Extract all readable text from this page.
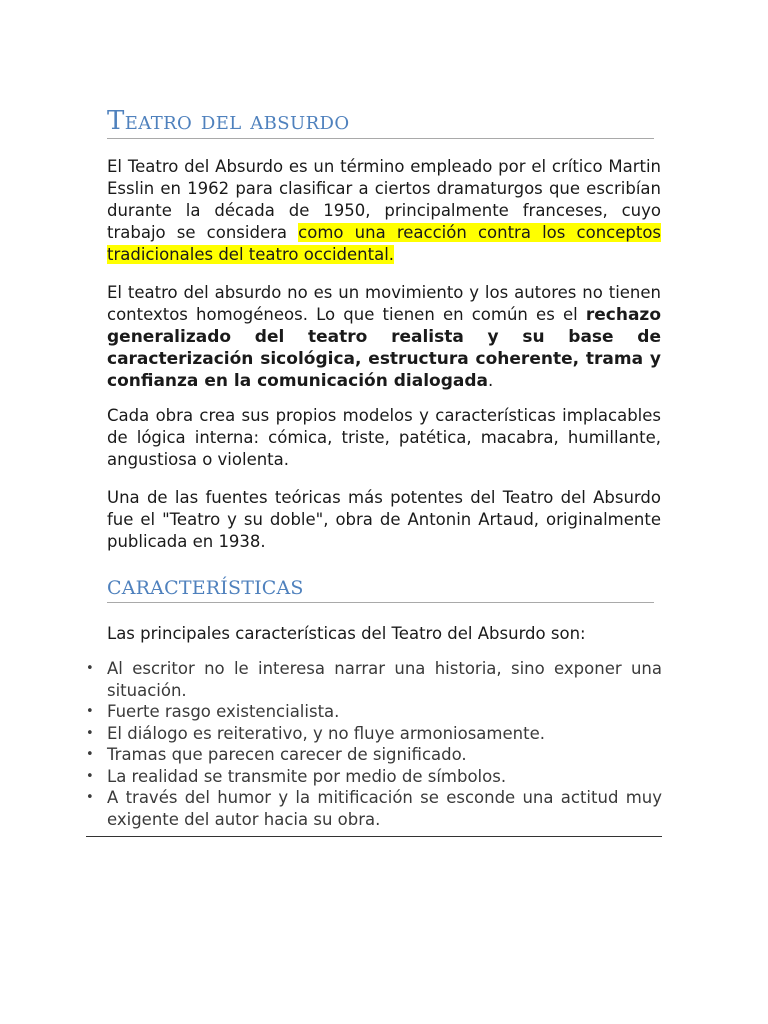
Teatro del absurdo

El Teatro del Absurdo es un término empleado por el crítico Martin Esslin en 1962 para clasificar a ciertos dramaturgos que escribían durante la década de 1950, principalmente franceses, cuyo trabajo se considera como una reacción contra los conceptos tradicionales del teatro occidental.

El teatro del absurdo no es un movimiento y los autores no tienen contextos homogéneos. Lo que tienen en común es el rechazo generalizado del teatro realista y su base de caracterización sicológica, estructura coherente, trama y confianza en la comunicación dialogada.

Cada obra crea sus propios modelos y características implacables de lógica interna: cómica, triste, patética, macabra, humillante, angustiosa o violenta.

Una de las fuentes teóricas más potentes del Teatro del Absurdo fue el "Teatro y su doble", obra de Antonin Artaud, originalmente publicada en 1938.

CARACTERÍSTICAS

Las principales características del Teatro del Absurdo son:

• Al escritor no le interesa narrar una historia, sino exponer una situación.
• Fuerte rasgo existencialista.
• El diálogo es reiterativo, y no fluye armoniosamente.
• Tramas que parecen carecer de significado.
• La realidad se transmite por medio de símbolos.
• A través del humor y la mitificación se esconde una actitud muy exigente del autor hacia su obra.
